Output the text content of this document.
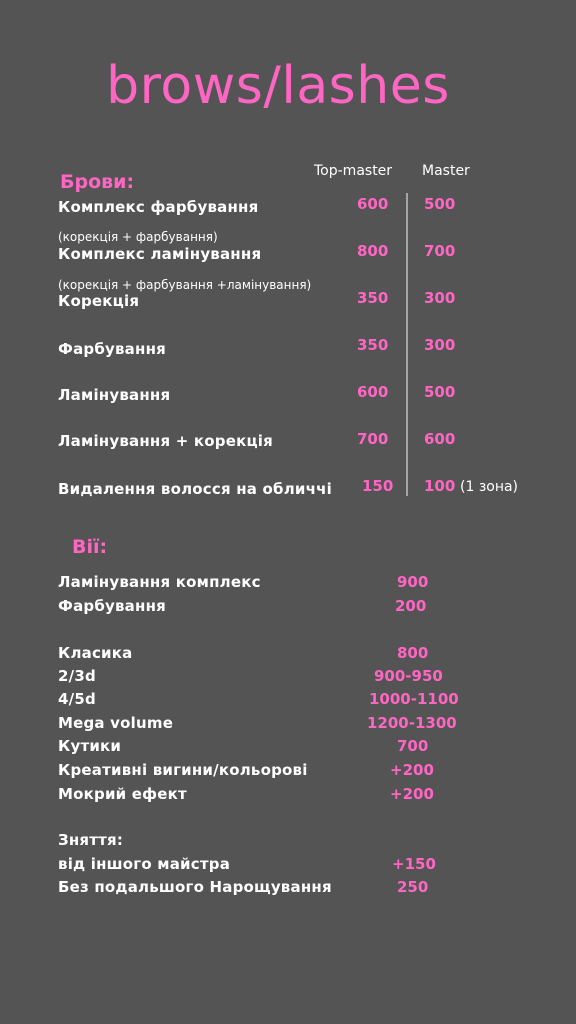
brows/lashes
Брови:	Top-master Master
Комплекс фарбування	600 500
(корекція + фарбування)
Комплекс ламінування	800 700
(корекція + фарбування +ламінування)
Корекція	350 300
Фарбування	350 300
Ламінування	600 500
Ламінування + корекція	700 600
Видалення волосся на обличчі 150 100 (1 зона)
Вії:
Ламінування комплекс	900
Фарбування	200
Класика	800
2/3d	900-950
4/5d	1000-1100
Mega volume	1200-1300
Кутики	700
Креативні вигини/кольорові	+200
Мокрий ефект	+200
Зняття:
від іншого майстра	+150
Без подальшого Нарощування	250
